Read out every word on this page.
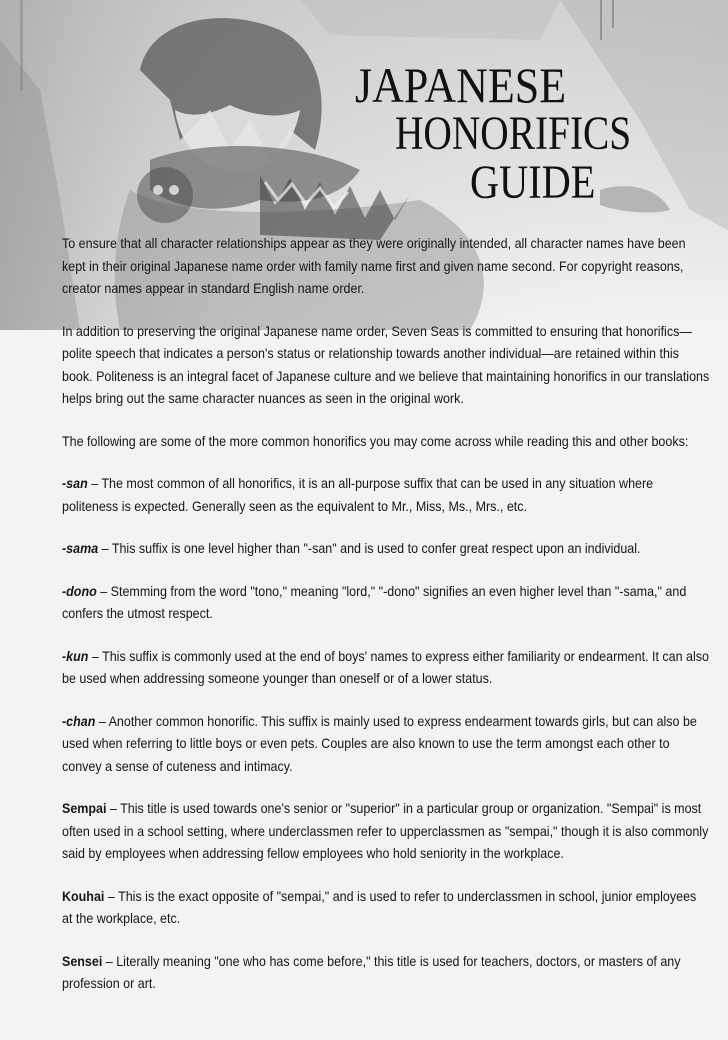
JAPANESE
HONORIFICS
GUIDE

To ensure that all character relationships appear as they were originally intended, all character names have been kept in their original Japanese name order with family name first and given name second. For copyright reasons, creator names appear in standard English name order.

In addition to preserving the original Japanese name order, Seven Seas is committed to ensuring that honorifics—polite speech that indicates a person's status or relationship towards another individual—are retained within this book. Politeness is an integral facet of Japanese culture and we believe that maintaining honorifics in our translations helps bring out the same character nuances as seen in the original work.

The following are some of the more common honorifics you may come across while reading this and other books:

-san – The most common of all honorifics, it is an all-purpose suffix that can be used in any situation where politeness is expected. Generally seen as the equivalent to Mr., Miss, Ms., Mrs., etc.

-sama – This suffix is one level higher than "-san" and is used to confer great respect upon an individual.

-dono – Stemming from the word "tono," meaning "lord," "-dono" signifies an even higher level than "-sama," and confers the utmost respect.

-kun – This suffix is commonly used at the end of boys' names to express either familiarity or endearment. It can also be used when addressing someone younger than oneself or of a lower status.

-chan – Another common honorific. This suffix is mainly used to express endearment towards girls, but can also be used when referring to little boys or even pets. Couples are also known to use the term amongst each other to convey a sense of cuteness and intimacy.

Sempai – This title is used towards one's senior or "superior" in a particular group or organization. "Sempai" is most often used in a school setting, where underclassmen refer to upperclassmen as "sempai," though it is also commonly said by employees when addressing fellow employees who hold seniority in the workplace.

Kouhai – This is the exact opposite of "sempai," and is used to refer to underclassmen in school, junior employees at the workplace, etc.

Sensei – Literally meaning "one who has come before," this title is used for teachers, doctors, or masters of any profession or art.
